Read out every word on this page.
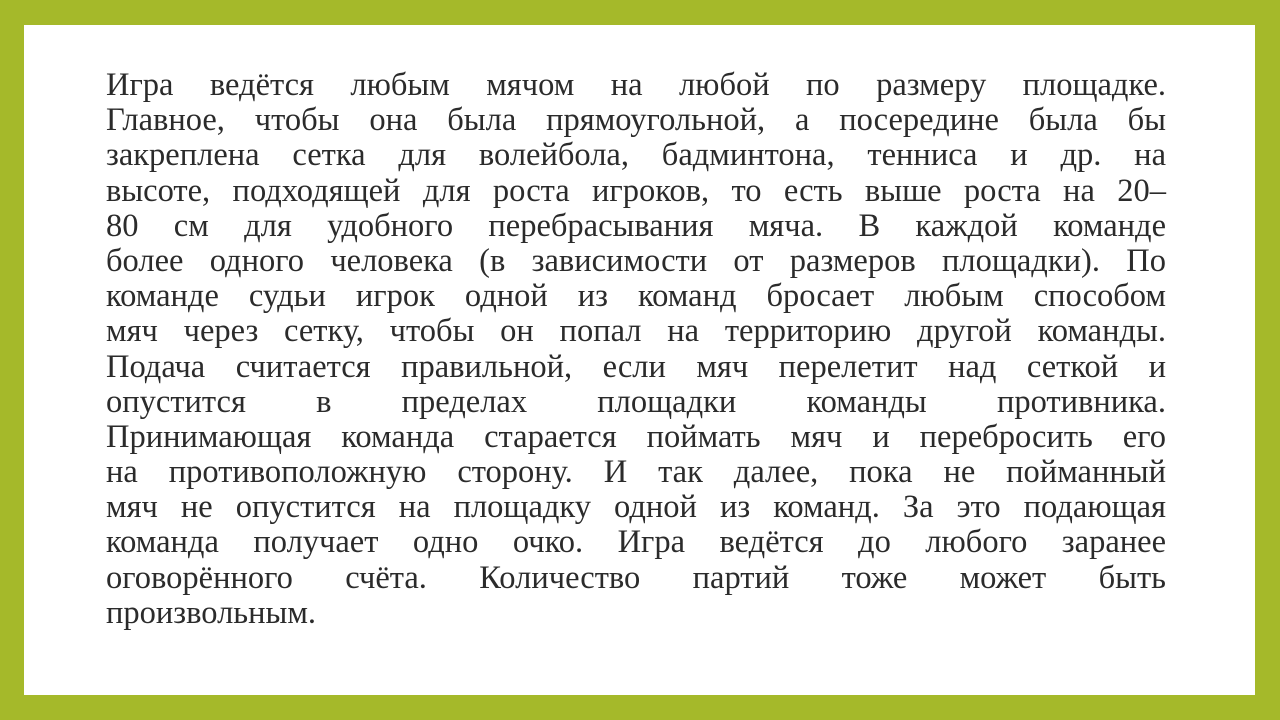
Игра ведётся любым мячом на любой по размеру площадке.
Главное, чтобы она была прямоугольной, а посередине была бы
закреплена сетка для волейбола, бадминтона, тенниса и др. на
высоте, подходящей для роста игроков, то есть выше роста на 20–
80 см для удобного перебрасывания мяча. В каждой команде
более одного человека (в зависимости от размеров площадки). По
команде судьи игрок одной из команд бросает любым способом
мяч через сетку, чтобы он попал на территорию другой команды.
Подача считается правильной, если мяч перелетит над сеткой и
опустится в пределах площадки команды противника.
Принимающая команда старается поймать мяч и перебросить его
на противоположную сторону. И так далее, пока не пойманный
мяч не опустится на площадку одной из команд. За это подающая
команда получает одно очко. Игра ведётся до любого заранее
оговорённого счёта. Количество партий тоже может быть
произвольным.
